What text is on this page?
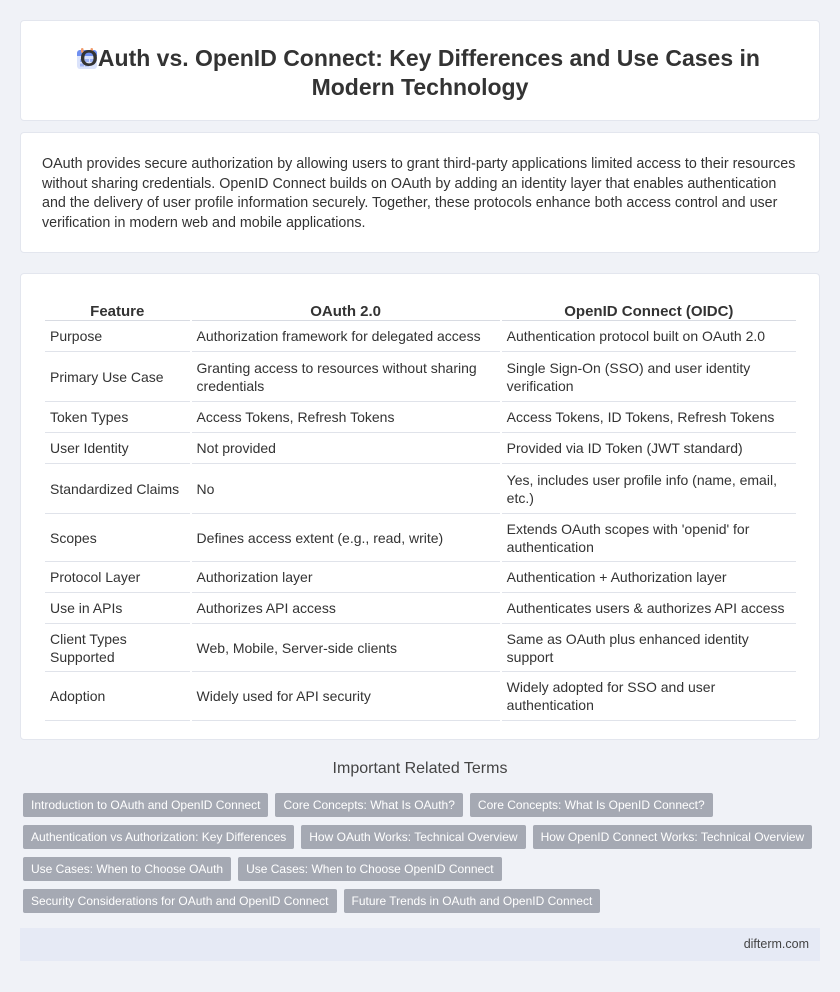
OAuth vs. OpenID Connect: Key Differences and Use Cases in
Modern Technology

OAuth provides secure authorization by allowing users to grant third-party applications limited access to their resources without sharing credentials. OpenID Connect builds on OAuth by adding an identity layer that enables authentication and the delivery of user profile information securely. Together, these protocols enhance both access control and user verification in modern web and mobile applications.

Feature	OAuth 2.0	OpenID Connect (OIDC)
Purpose	Authorization framework for delegated access	Authentication protocol built on OAuth 2.0
Primary Use Case	Granting access to resources without sharing credentials	Single Sign-On (SSO) and user identity verification
Token Types	Access Tokens, Refresh Tokens	Access Tokens, ID Tokens, Refresh Tokens
User Identity	Not provided	Provided via ID Token (JWT standard)
Standardized Claims	No	Yes, includes user profile info (name, email, etc.)
Scopes	Defines access extent (e.g., read, write)	Extends OAuth scopes with 'openid' for authentication
Protocol Layer	Authorization layer	Authentication + Authorization layer
Use in APIs	Authorizes API access	Authenticates users & authorizes API access
Client Types Supported	Web, Mobile, Server-side clients	Same as OAuth plus enhanced identity support
Adoption	Widely used for API security	Widely adopted for SSO and user authentication
Important Related Terms
Introduction to OAuth and OpenID Connect	Core Concepts: What Is OAuth?	Core Concepts: What Is OpenID Connect?
Authentication vs Authorization: Key Differences	How OAuth Works: Technical Overview	How OpenID Connect Works: Technical Overview
Use Cases: When to Choose OAuth	Use Cases: When to Choose OpenID Connect
Security Considerations for OAuth and OpenID Connect	Future Trends in OAuth and OpenID Connect
difterm.com
